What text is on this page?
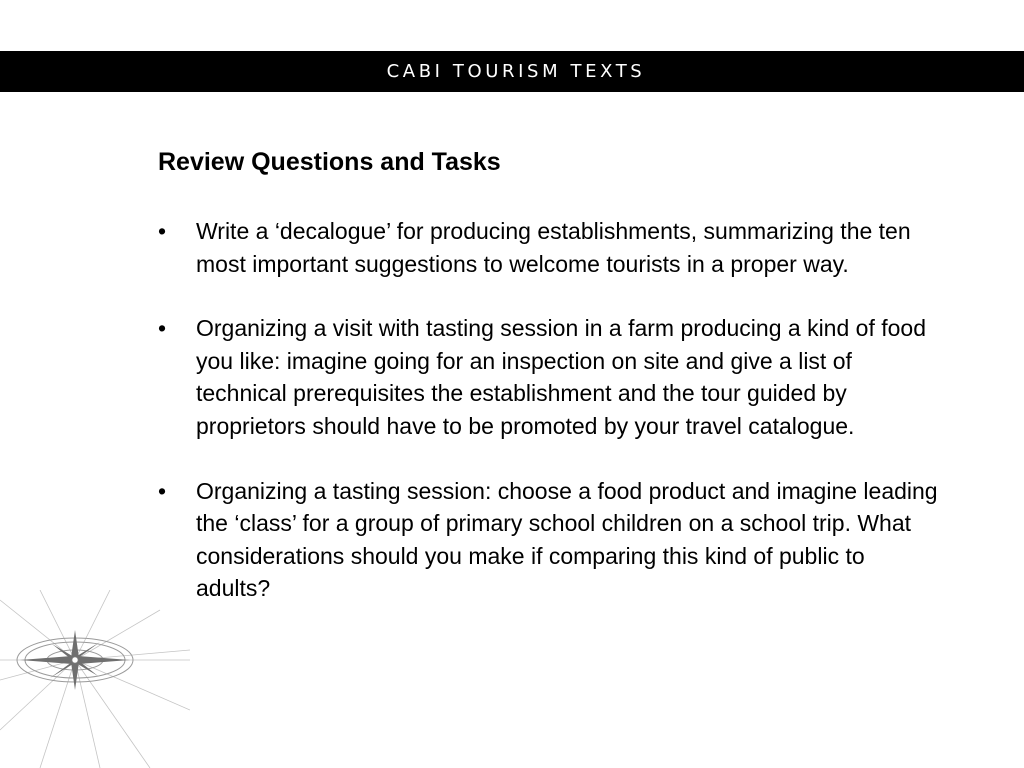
CABI TOURISM TEXTS
Review Questions and Tasks
• Write a ‘decalogue’ for producing establishments, summarizing the ten most important suggestions to welcome tourists in a proper way.
• Organizing a visit with tasting session in a farm producing a kind of food you like: imagine going for an inspection on site and give a list of technical prerequisites the establishment and the tour guided by proprietors should have to be promoted by your travel catalogue.
• Organizing a tasting session: choose a food product and imagine leading the ‘class’ for a group of primary school children on a school trip. What considerations should you make if comparing this kind of public to adults?
